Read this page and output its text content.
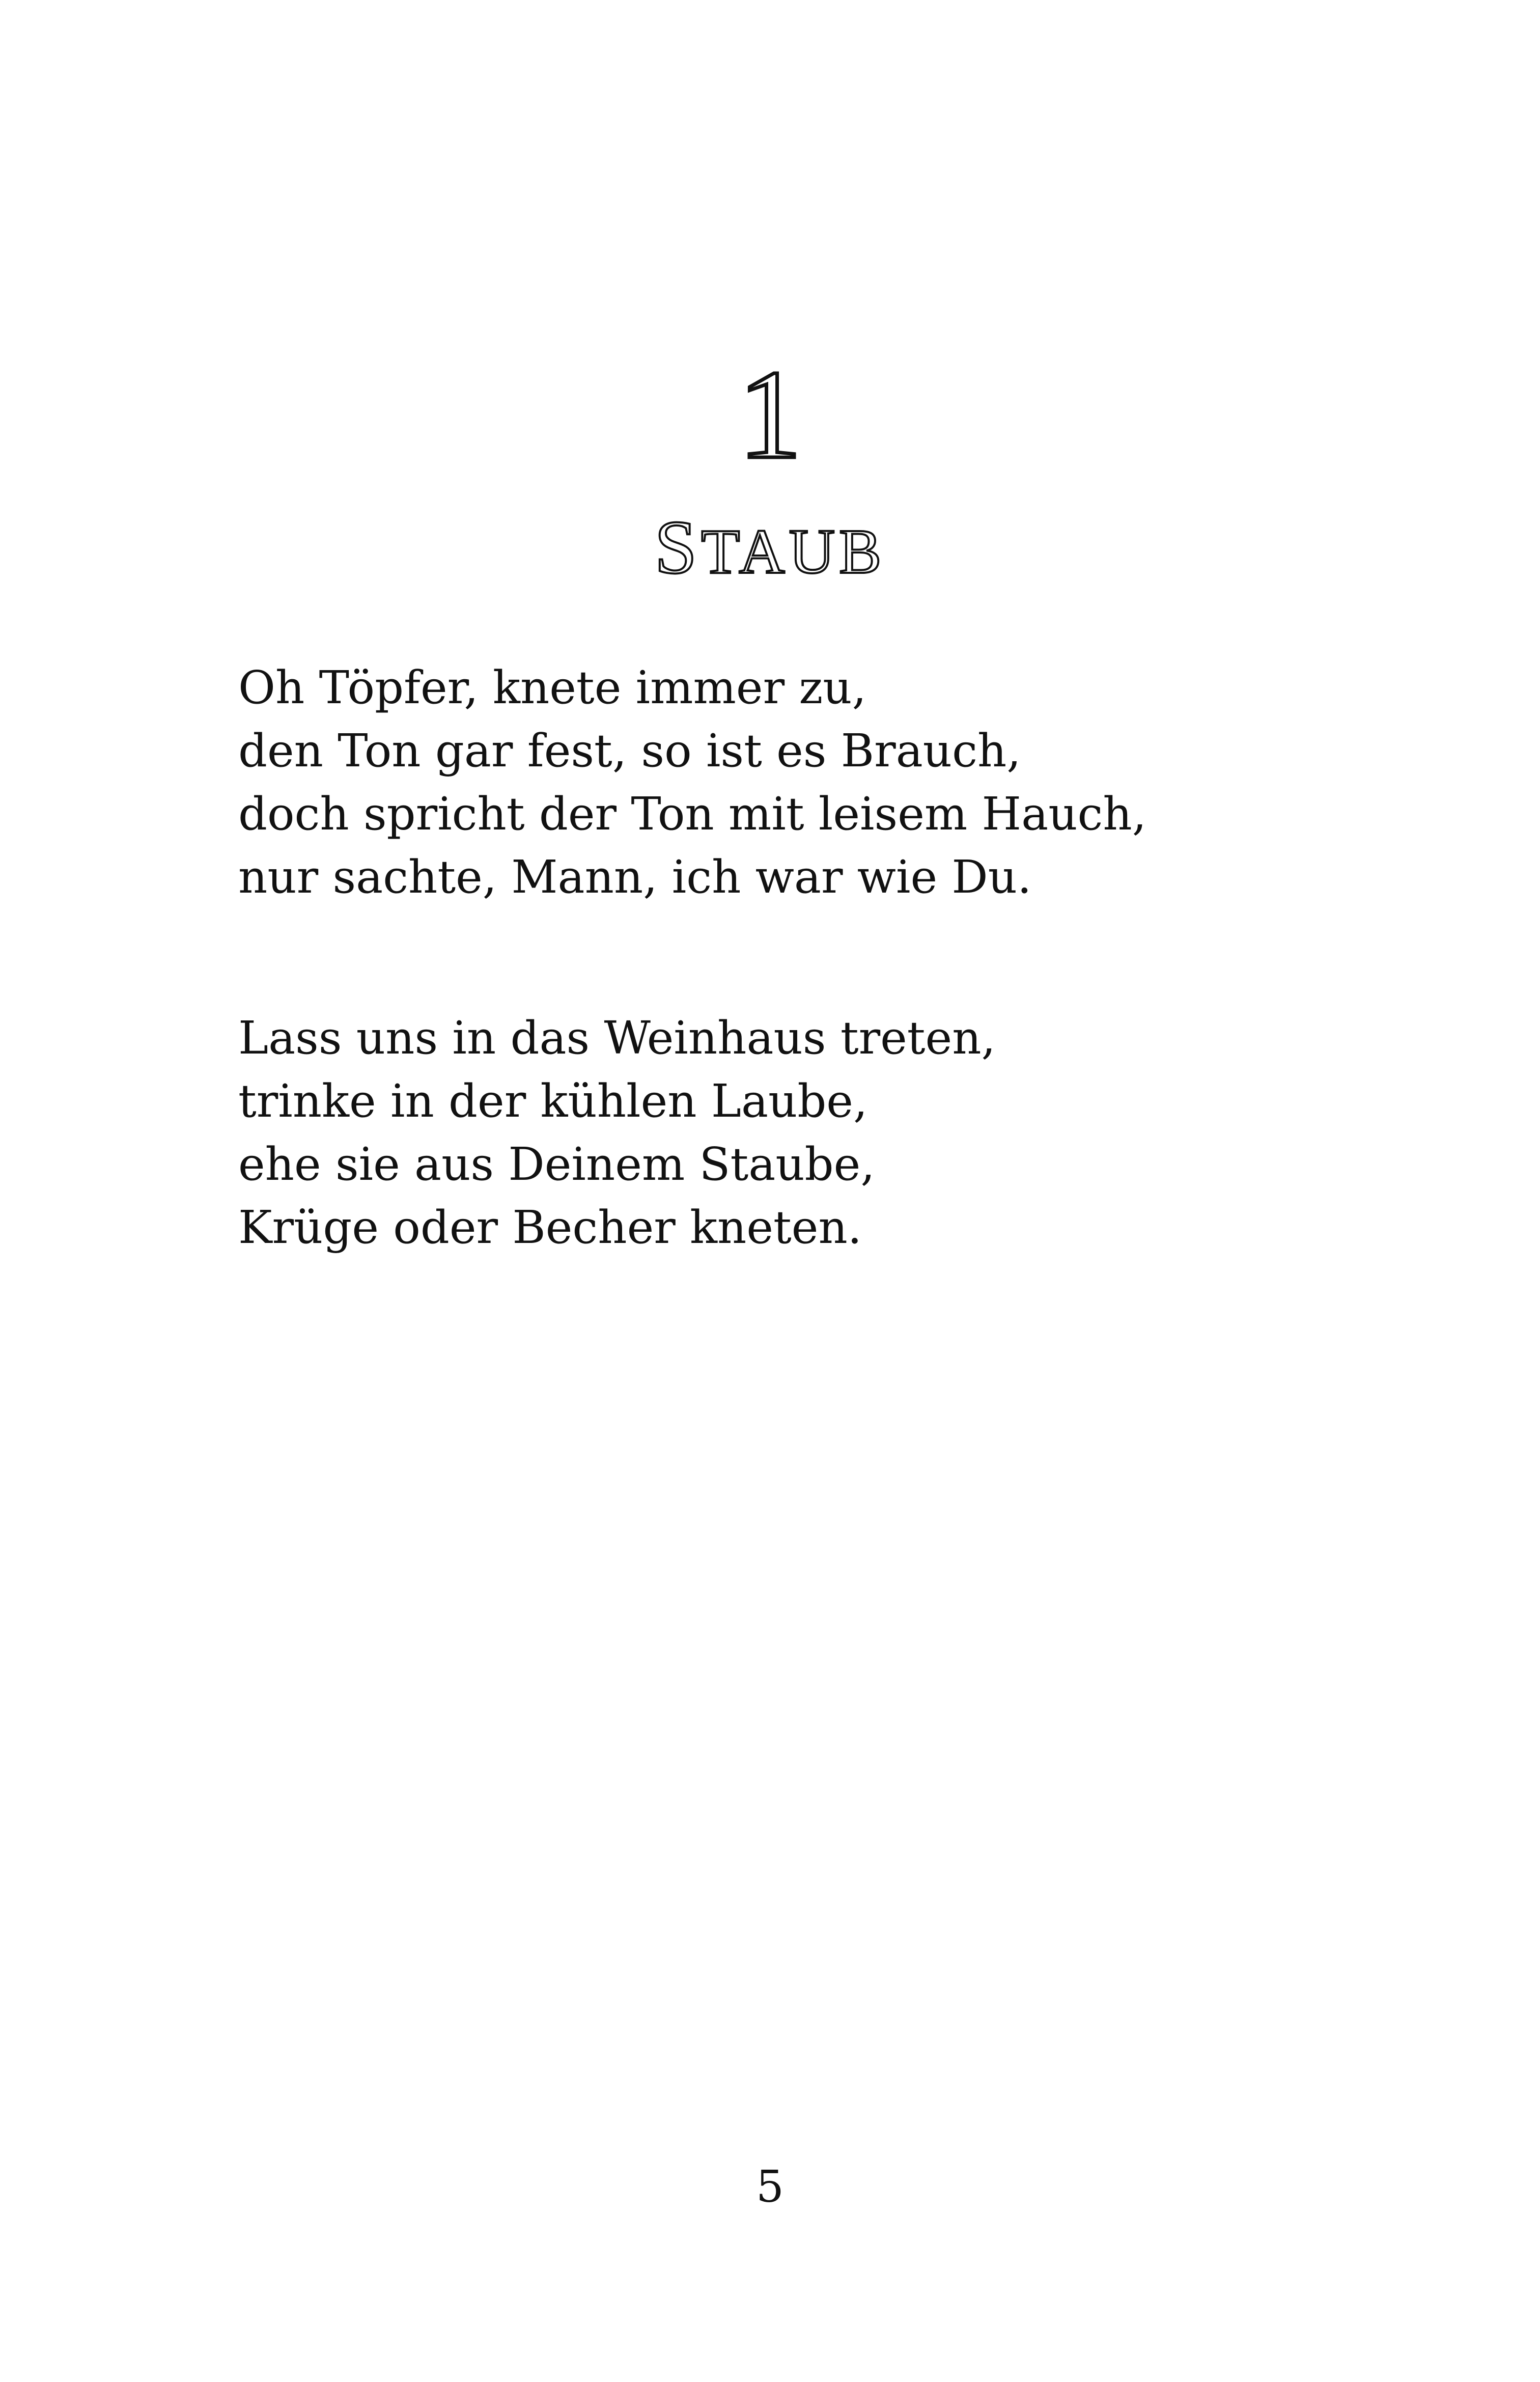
1
STAUB
Oh Töpfer, knete immer zu,
den Ton gar fest, so ist es Brauch,
doch spricht der Ton mit leisem Hauch,
nur sachte, Mann, ich war wie Du.
Lass uns in das Weinhaus treten,
trinke in der kühlen Laube,
ehe sie aus Deinem Staube,
Krüge oder Becher kneten.
5
